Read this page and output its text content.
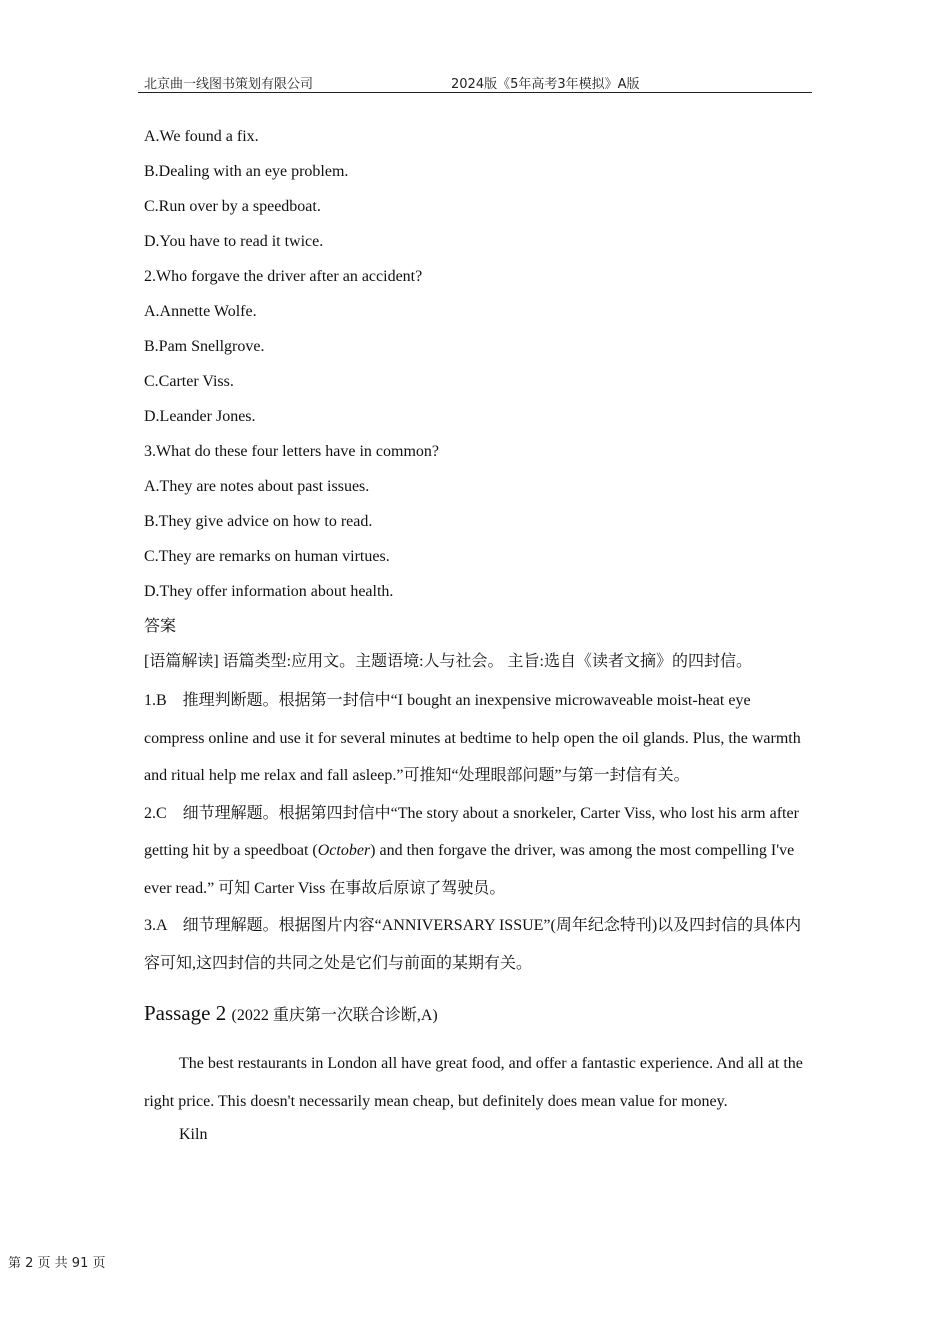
北京曲一线图书策划有限公司	2024版《5年高考3年模拟》A版
A.We found a fix.
B.Dealing with an eye problem.
C.Run over by a speedboat.
D.You have to read it twice.
2.Who forgave the driver after an accident?
A.Annette Wolfe.
B.Pam Snellgrove.
C.Carter Viss.
D.Leander Jones.
3.What do these four letters have in common?
A.They are notes about past issues.
B.They give advice on how to read.
C.They are remarks on human virtues.
D.They offer information about health.
答案
[语篇解读] 语篇类型:应用文。主题语境:人与社会。 主旨:选自《读者文摘》的四封信。

1.B　推理判断题。根据第一封信中“I bought an inexpensive microwaveable moist‑heat eye compress online and use it for several minutes at bedtime to help open the oil glands. Plus, the warmth and ritual help me relax and fall asleep.”可推知“处理眼部问题”与第一封信有关。

2.C　细节理解题。根据第四封信中“The story about a snorkeler, Carter Viss, who lost his arm after getting hit by a speedboat (October) and then forgave the driver, was among the most compelling I've ever read.” 可知 Carter Viss 在事故后原谅了驾驶员。

3.A　细节理解题。根据图片内容“ANNIVERSARY ISSUE”(周年纪念特刊)以及四封信的具体内容可知,这四封信的共同之处是它们与前面的某期有关。

Passage 2 (2022 重庆第一次联合诊断,A)

The best restaurants in London all have great food, and offer a fantastic experience. And all at the right price. This doesn't necessarily mean cheap, but definitely does mean value for money.

Kiln
第 2 页 共 91 页
